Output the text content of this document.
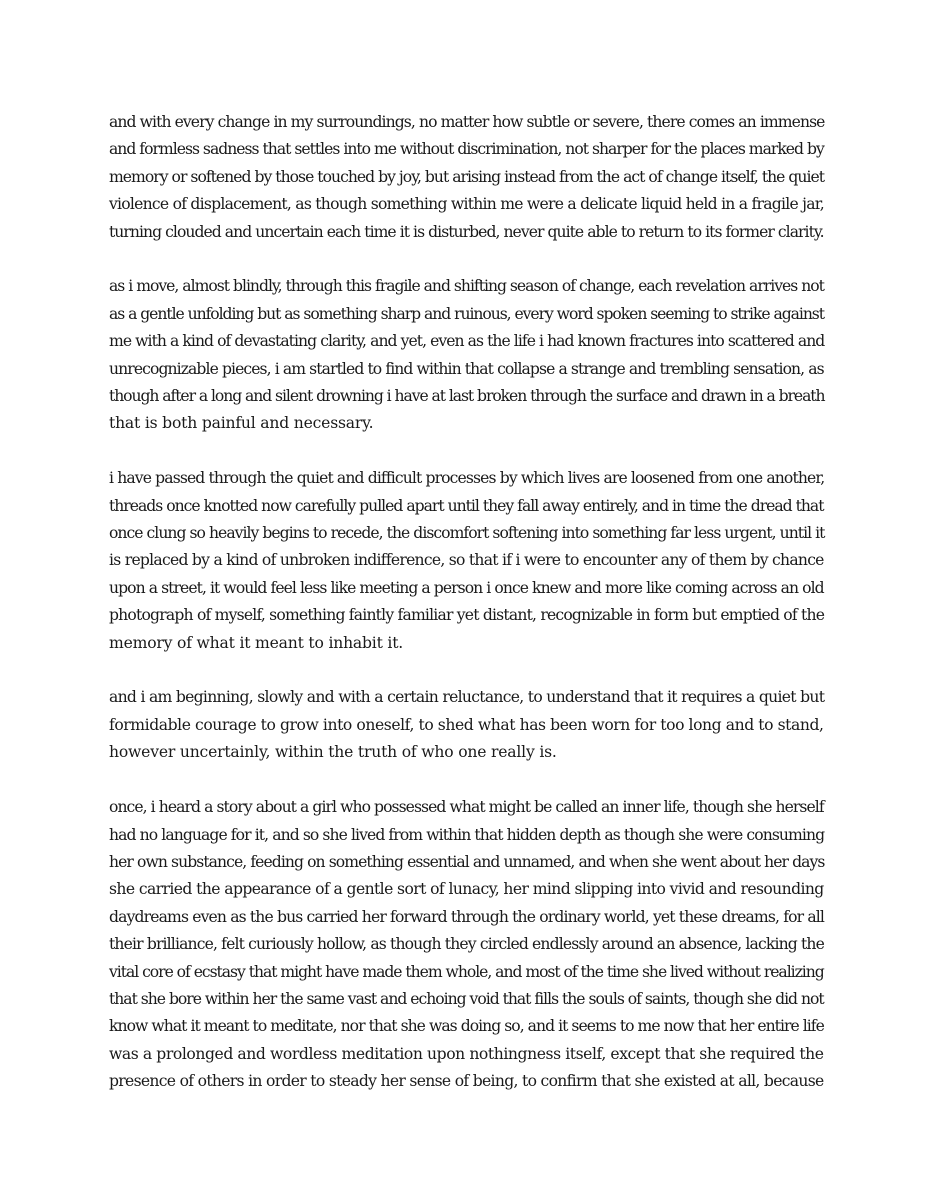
and with every change in my surroundings, no matter how subtle or severe, there comes an immense
and formless sadness that settles into me without discrimination, not sharper for the places marked by
memory or softened by those touched by joy, but arising instead from the act of change itself, the quiet
violence of displacement, as though something within me were a delicate liquid held in a fragile jar,
turning clouded and uncertain each time it is disturbed, never quite able to return to its former clarity.

as i move, almost blindly, through this fragile and shifting season of change, each revelation arrives not
as a gentle unfolding but as something sharp and ruinous, every word spoken seeming to strike against
me with a kind of devastating clarity, and yet, even as the life i had known fractures into scattered and
unrecognizable pieces, i am startled to find within that collapse a strange and trembling sensation, as
though after a long and silent drowning i have at last broken through the surface and drawn in a breath
that is both painful and necessary.

i have passed through the quiet and difficult processes by which lives are loosened from one another,
threads once knotted now carefully pulled apart until they fall away entirely, and in time the dread that
once clung so heavily begins to recede, the discomfort softening into something far less urgent, until it
is replaced by a kind of unbroken indifference, so that if i were to encounter any of them by chance
upon a street, it would feel less like meeting a person i once knew and more like coming across an old
photograph of myself, something faintly familiar yet distant, recognizable in form but emptied of the
memory of what it meant to inhabit it.

and i am beginning, slowly and with a certain reluctance, to understand that it requires a quiet but
formidable courage to grow into oneself, to shed what has been worn for too long and to stand,
however uncertainly, within the truth of who one really is.

once, i heard a story about a girl who possessed what might be called an inner life, though she herself
had no language for it, and so she lived from within that hidden depth as though she were consuming
her own substance, feeding on something essential and unnamed, and when she went about her days
she carried the appearance of a gentle sort of lunacy, her mind slipping into vivid and resounding
daydreams even as the bus carried her forward through the ordinary world, yet these dreams, for all
their brilliance, felt curiously hollow, as though they circled endlessly around an absence, lacking the
vital core of ecstasy that might have made them whole, and most of the time she lived without realizing
that she bore within her the same vast and echoing void that fills the souls of saints, though she did not
know what it meant to meditate, nor that she was doing so, and it seems to me now that her entire life
was a prolonged and wordless meditation upon nothingness itself, except that she required the
presence of others in order to steady her sense of being, to confirm that she existed at all, because
